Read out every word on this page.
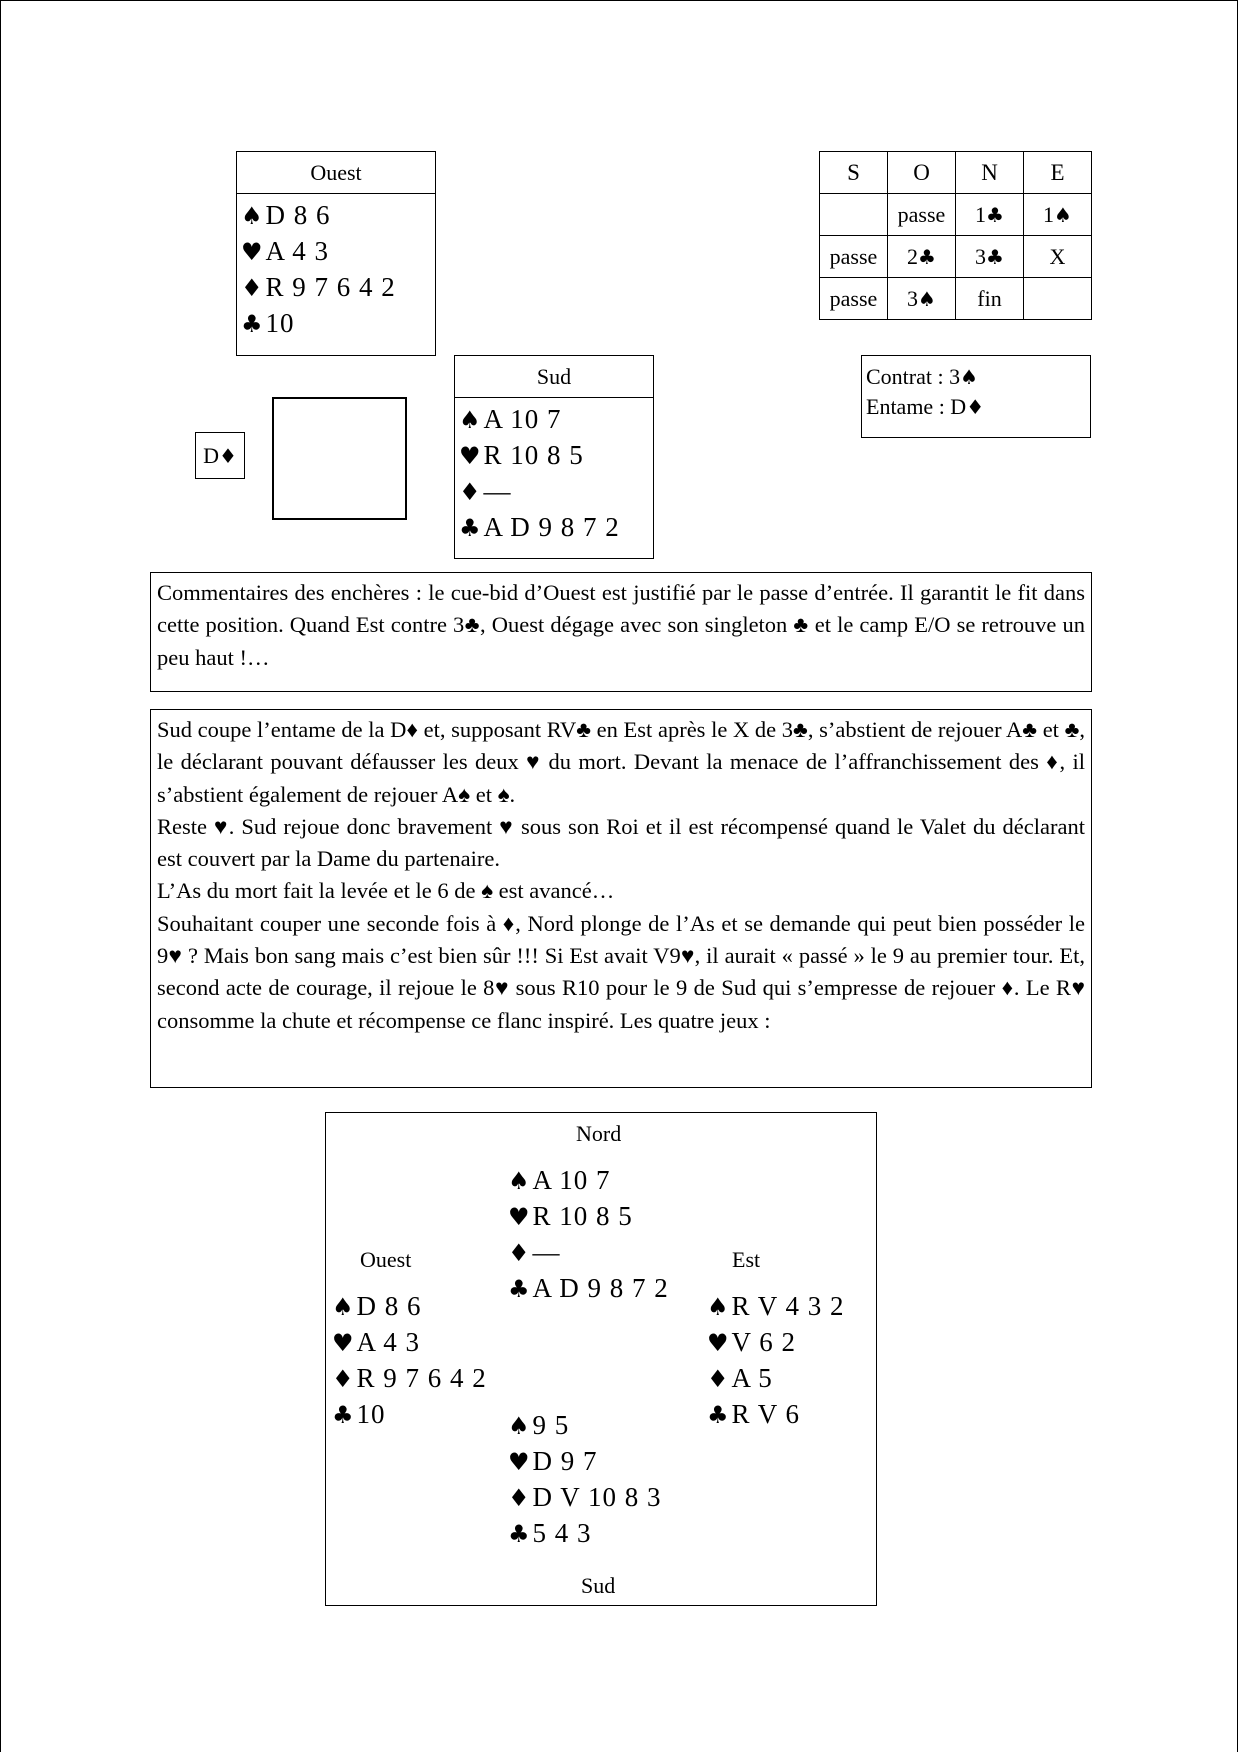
Ouest
♠D 8 6
♥A 4 3
♦R 9 7 6 4 2
♣10
S	O	N	E
	passe	1♣	1♠
passe	2♣	3♣	X
passe	3♠	fin	
Sud
♠A 10 7
♥R 10 8 5
♦—
♣A D 9 8 7 2
Contrat : 3♠
Entame : D♦
D♦

Commentaires des enchères : le cue-bid d’Ouest est justifié par le passe d’entrée. Il garantit le fit dans cette position. Quand Est contre 3♣, Ouest dégage avec son singleton ♣ et le camp E/O se retrouve un peu haut !…

Sud coupe l’entame de la D♦ et, supposant RV♣ en Est après le X de 3♣, s’abstient de rejouer A♣ et ♣, le déclarant pouvant défausser les deux ♥ du mort. Devant la menace de l’affranchissement des ♦, il s’abstient également de rejouer A♠ et ♠.

Reste ♥. Sud rejoue donc bravement ♥ sous son Roi et il est récompensé quand le Valet du déclarant est couvert par la Dame du partenaire.

L’As du mort fait la levée et le 6 de ♠ est avancé…

Souhaitant couper une seconde fois à ♦, Nord plonge de l’As et se demande qui peut bien posséder le 9♥ ? Mais bon sang mais c’est bien sûr !!! Si Est avait V9♥, il aurait « passé » le 9 au premier tour. Et, second acte de courage, il rejoue le 8♥ sous R10 pour le 9 de Sud qui s’empresse de rejouer ♦. Le R♥ consomme la chute et récompense ce flanc inspiré. Les quatre jeux :

Nord
♠A 10 7
♥R 10 8 5
♦—
♣A D 9 8 7 2
Ouest
♠D 8 6
♥A 4 3
♦R 9 7 6 4 2
♣10
Est
♠R V 4 3 2
♥V 6 2
♦A 5
♣R V 6
♠9 5
♥D 9 7
♦D V 10 8 3
♣5 4 3
Sud
